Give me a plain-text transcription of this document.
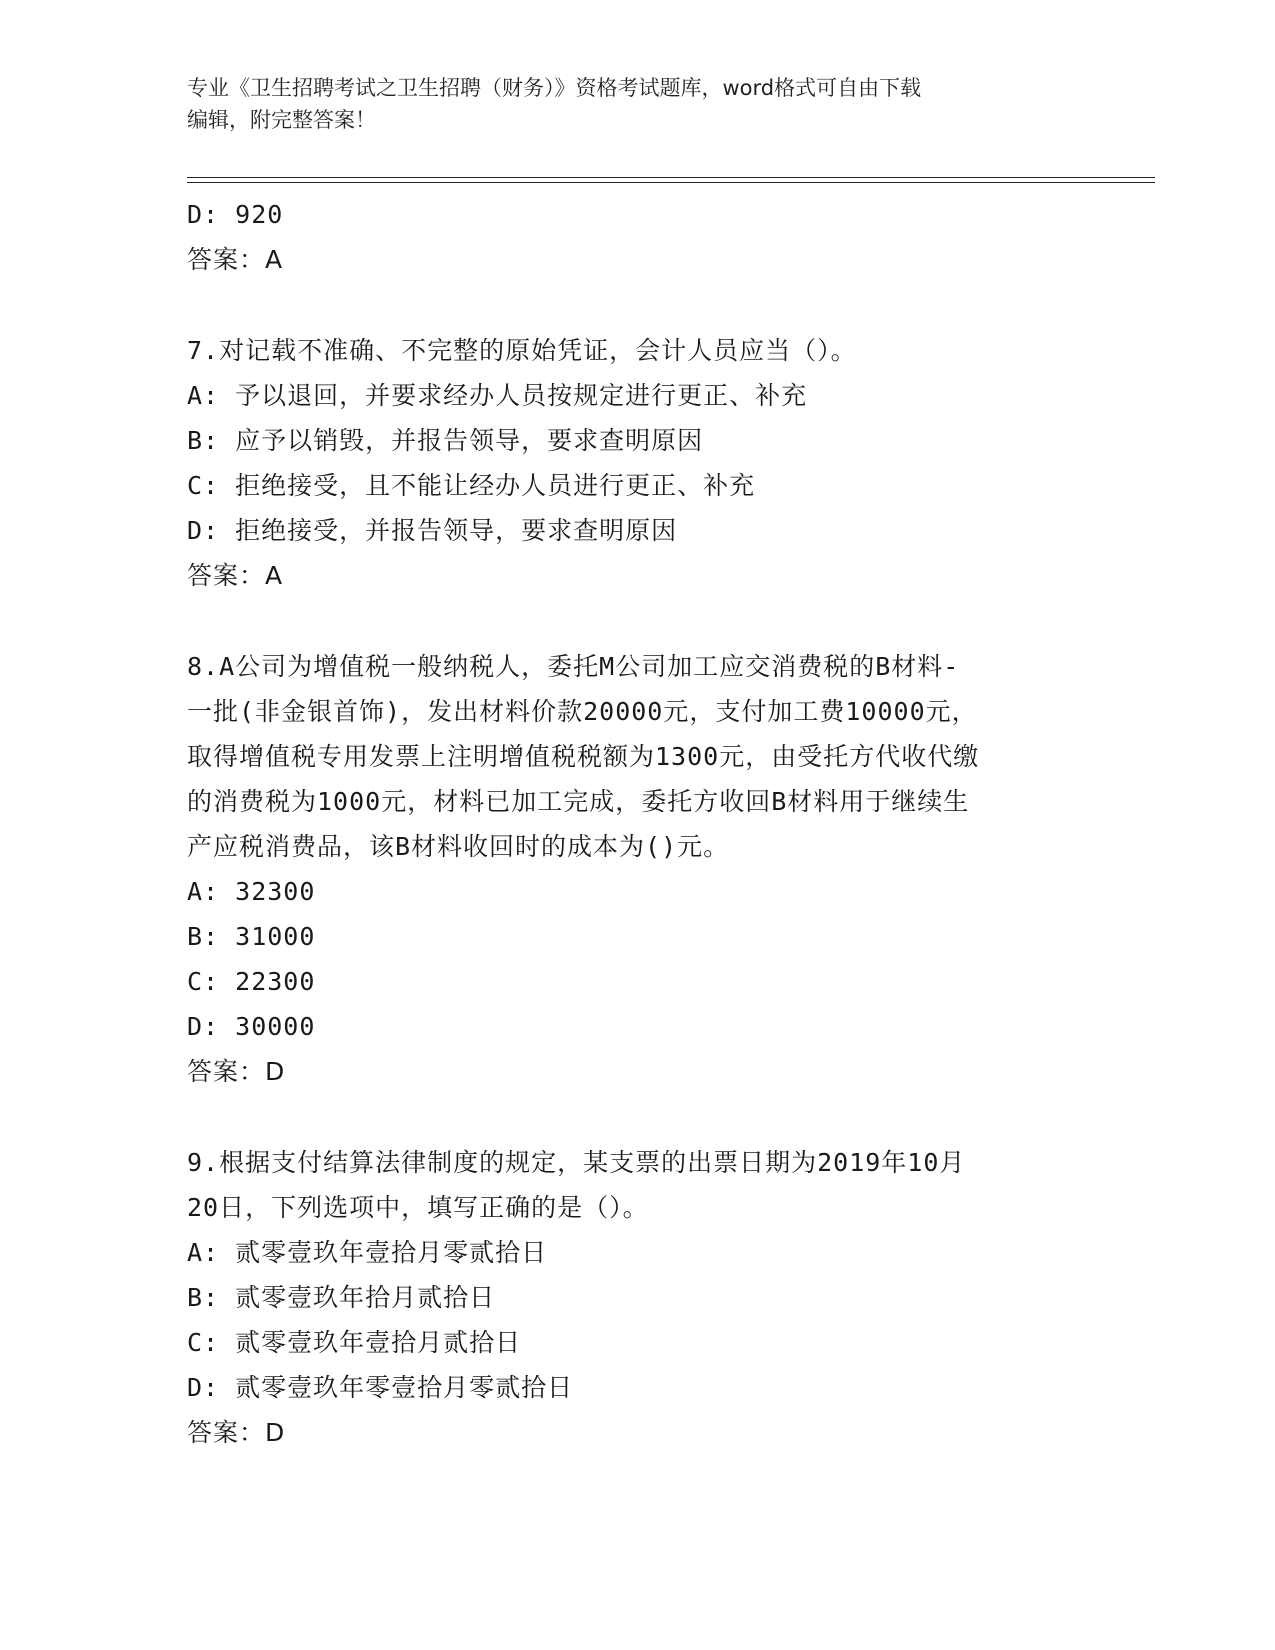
专业《卫生招聘考试之卫生招聘（财务）》资格考试题库，word格式可自由下载
编辑，附完整答案！
D: 920
答案：A
7.对记载不准确、不完整的原始凭证，会计人员应当（）。
A: 予以退回，并要求经办人员按规定进行更正、补充
B: 应予以销毁，并报告领导，要求查明原因
C: 拒绝接受，且不能让经办人员进行更正、补充
D: 拒绝接受，并报告领导，要求查明原因
答案：A
8.A公司为增值税一般纳税人，委托M公司加工应交消费税的B材料-
一批(非金银首饰)，发出材料价款20000元，支付加工费10000元，
取得增值税专用发票上注明增值税税额为1300元，由受托方代收代缴
的消费税为1000元，材料已加工完成，委托方收回B材料用于继续生
产应税消费品，该B材料收回时的成本为()元。
A: 32300
B: 31000
C: 22300
D: 30000
答案：D
9.根据支付结算法律制度的规定，某支票的出票日期为2019年10月
20日，下列选项中，填写正确的是（）。
A: 贰零壹玖年壹拾月零贰拾日
B: 贰零壹玖年拾月贰拾日
C: 贰零壹玖年壹拾月贰拾日
D: 贰零壹玖年零壹拾月零贰拾日
答案：D
